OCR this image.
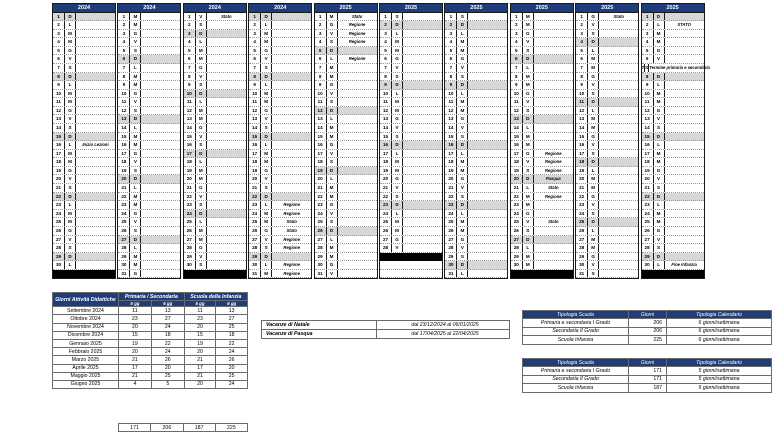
2024
1	D
2	L
3	M
4	M
5	G
6	V
7	S
8	D
9	L
10	M
11	M
12	G
13	V
14	S
15	D
16	L	Inizio Lezioni
17	M
18	M
19	G
20	V
21	S
22	D
23	L
24	M
25	M
26	G
27	V
28	S
29	D
30	L
2024
1	M
2	M
3	G
4	V
5	S
6	D
7	L
8	M
9	M
10	G
11	V
12	S
13	D
14	L
15	M
16	M
17	G
18	V
19	S
20	D
21	L
22	M
23	M
24	G
25	V
26	S
27	D
28	L
29	M
30	M
31	G
2024
1	V	Stato
2	S
3	D
4	L
5	M
6	M
7	G
8	V
9	S
10	D
11	L
12	M
13	M
14	G
15	V
16	S
17	D
18	L
19	M
20	M
21	G
22	V
23	S
24	D
25	L
26	M
27	M
28	G
29	V
30	S
2024
1	D
2	L
3	M
4	M
5	G
6	V
7	S
8	D
9	L
10	M
11	M
12	G
13	V
14	S
15	D
16	L
17	M
18	M
19	G
20	V
21	S
22	D
23	L	Regione
24	M	Regione
25	M	Stato
26	G	Stato
27	V	Regione
28	S	Regione
29	D
30	L	Regione
31	M	Regione
2025
1	M	Stato
2	G	Regione
3	V	Regione
4	S	Regione
5	D
6	L	Regione
7	M
8	M
9	G
10	V
11	S
12	D
13	L
14	M
15	M
16	G
17	V
18	S
19	D
20	L
21	M
22	M
23	G
24	V
25	S
26	D
27	L
28	M
29	M
30	G
31	V
2025
1	S
2	D
3	L
4	M
5	M
6	G
7	V
8	S
9	D
10	L
11	M
12	M
13	G
14	V
15	S
16	D
17	L
18	M
19	M
20	G
21	V
22	S
23	D
24	L
25	M
26	M
27	G
28	V
2025
1	S
2	D
3	L
4	M
5	M
6	G
7	V
8	S
9	D
10	L
11	M
12	M
13	G
14	V
15	S
16	D
17	L
18	M
19	M
20	G
21	V
22	S
23	D
24	L
25	M
26	M
27	G
28	V
29	S
30	D
31	L
2025
1	M
2	M
3	G
4	V
5	S
6	D
7	L
8	M
9	M
10	G
11	V
12	S
13	D
14	L
15	M
16	M
17	G	Regione
18	V	Regione
19	S	Regione
20	D	Pasqua
21	L	Stato
22	M	Regione
23	M
24	G
25	V	Stato
26	S
27	D
28	L
29	M
30	M
2025
1	G	Stato
2	V
3	S
4	D
5	L
6	M
7	M
8	G
9	V
10	S
11	D
12	L
13	M
14	M
15	G
16	V
17	S
18	D
19	L
20	M
21	M
22	G
23	V
24	S
25	D
26	L
27	M
28	M
29	G
30	V
31	S
2025
1	D
2	L	STATO
3	M
4	M
5	G
6	V
7 S Termine primaria e secondaria
8	D
9	L
10	M
11	M
12	G
13	V
14	S
15	D
16	L
17	M
18	M
19	G
20	V
21	S
22	D
23	L
24	M
25	M
26	G
27	V
28	S
29	D
30	L	Fine Infanzia
Giorni Attività Didattiche	Primaria / Secondaria		Scuola della Infanzia	
	5 gg	6 gg	5 gg	6 gg
Settembre 2024	11	13	11	13
Ottobre 2024	23	27	23	27
Novembre 2024	20	24	20	25
Dicembre 2024	15	18	15	18
Gennaio 2025	19	22	19	22
Febbraio 2025	20	24	20	24
Marzo 2025	21	26	21	26
Aprile 2025	17	20	17	20
Maggio 2025	21	25	21	25
Giugno 2025	4	5	20	24
171	206	187	225
Vacanze di Natale	dal 23/12/2024 al 06/01/2025
Vacanze di Pasqua	dal 17/04/2025 al 22/04/2025
Tipologia Scuola	Giorni	Tipologia Calendario
Primaria e secondaria I Grado	206	6 giorni/settimana
Secondaria II Grado	206	6 giorni/settimana
Scuola Infanzia	225	6 giorni/settimana
Tipologia Scuola	Giorni	Tipologia Calendario
Primaria e secondaria I Grado	171	5 giorni/settimana
Secondaria II Grado	171	5 giorni/settimana
Scuola Infanzia	187	5 giorni/settimana
